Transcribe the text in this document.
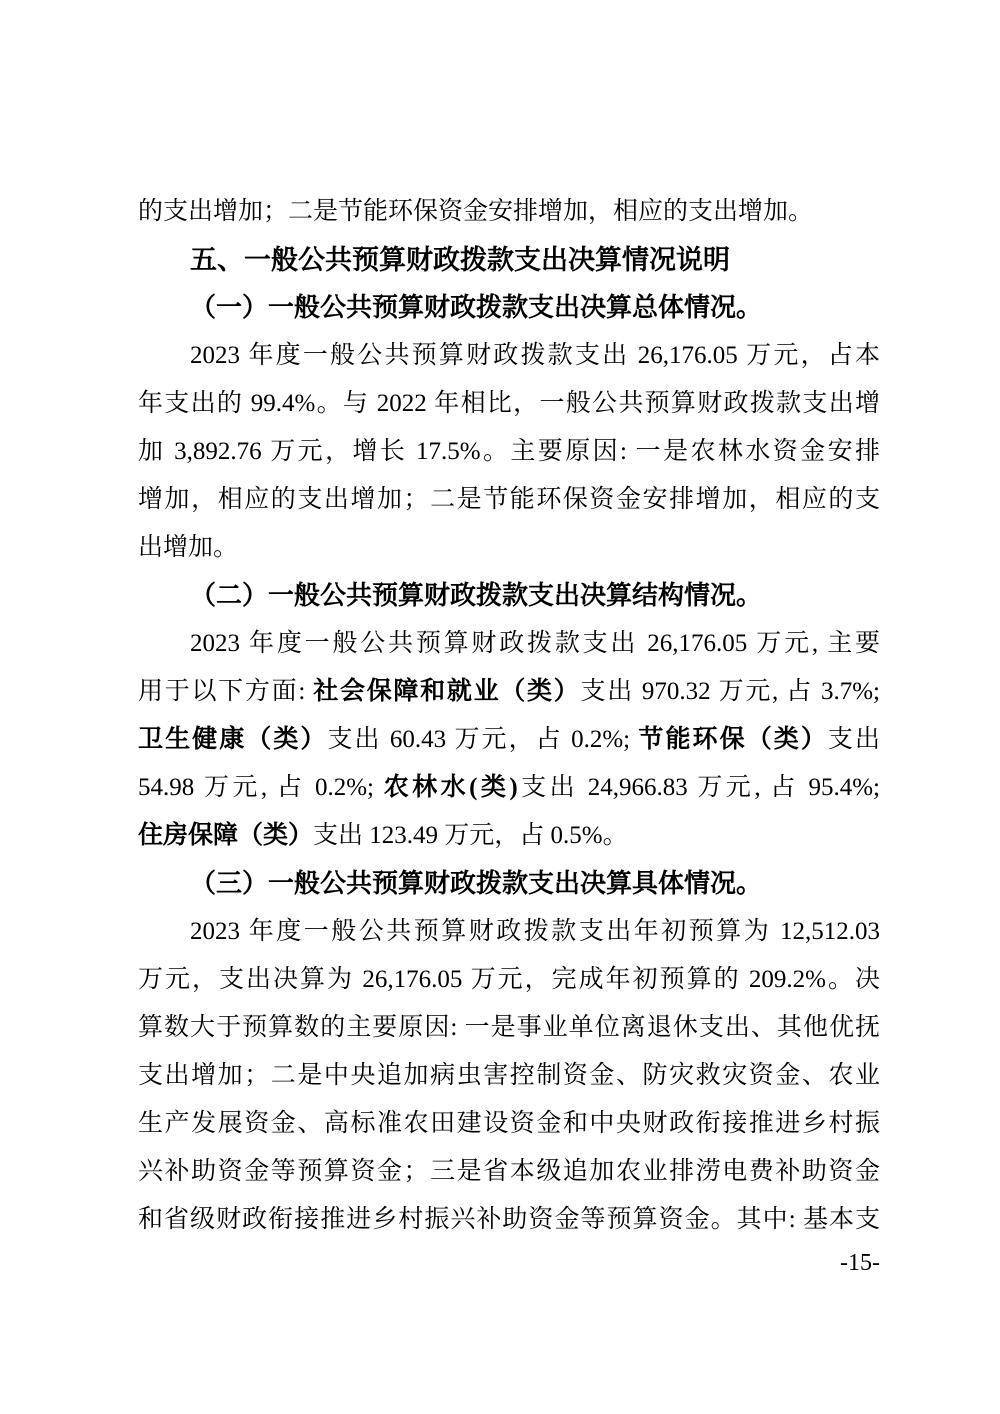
的支出增加；二是节能环保资金安排增加，相应的支出增加。
五、一般公共预算财政拨款支出决算情况说明
（一）一般公共预算财政拨款支出决算总体情况。
2023 年度一般公共预算财政拨款支出 26,176.05 万元，占本
年支出的 99.4%。与 2022 年相比，一般公共预算财政拨款支出增
加 3,892.76 万元，增长 17.5%。主要原因: 一是农林水资金安排
增加，相应的支出增加；二是节能环保资金安排增加，相应的支
出增加。
（二）一般公共预算财政拨款支出决算结构情况。
2023 年度一般公共预算财政拨款支出 26,176.05 万元, 主要
用于以下方面: 社会保障和就业（类）支出 970.32 万元, 占 3.7%;
卫生健康（类）支出 60.43 万元，占 0.2%; 节能环保（类）支出
54.98 万元, 占 0.2%; 农林水(类)支出 24,966.83 万元, 占 95.4%;
住房保障（类）支出 123.49 万元，占 0.5%。
（三）一般公共预算财政拨款支出决算具体情况。
2023 年度一般公共预算财政拨款支出年初预算为 12,512.03
万元，支出决算为 26,176.05 万元，完成年初预算的 209.2%。决
算数大于预算数的主要原因: 一是事业单位离退休支出、其他优抚
支出增加；二是中央追加病虫害控制资金、防灾救灾资金、农业
生产发展资金、高标准农田建设资金和中央财政衔接推进乡村振
兴补助资金等预算资金；三是省本级追加农业排涝电费补助资金
和省级财政衔接推进乡村振兴补助资金等预算资金。其中: 基本支
-15-
